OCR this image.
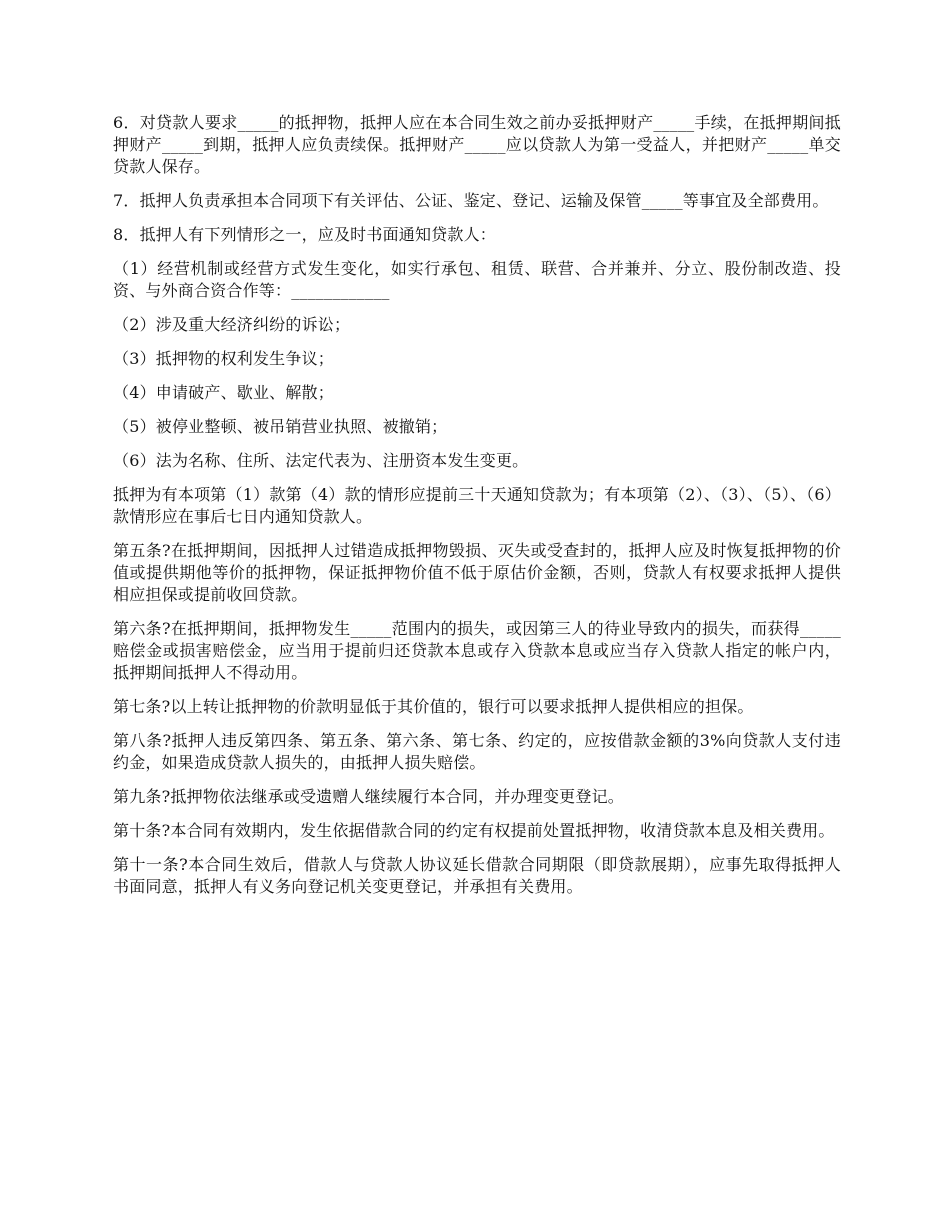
6．对贷款人要求_____的抵押物，抵押人应在本合同生效之前办妥抵押财产_____手续，在抵押期间抵押财产_____到期，抵押人应负责续保。抵押财产_____应以贷款人为第一受益人，并把财产_____单交贷款人保存。

7．抵押人负责承担本合同项下有关评估、公证、鉴定、登记、运输及保管_____等事宜及全部费用。

8．抵押人有下列情形之一，应及时书面通知贷款人：

（1）经营机制或经营方式发生变化，如实行承包、租赁、联营、合并兼并、分立、股份制改造、投资、与外商合资合作等：____________

（2）涉及重大经济纠纷的诉讼；

（3）抵押物的权利发生争议；

（4）申请破产、歇业、解散；

（5）被停业整顿、被吊销营业执照、被撤销；

（6）法为名称、住所、法定代表为、注册资本发生变更。

抵押为有本项第（1）款第（4）款的情形应提前三十天通知贷款为；有本项第（2）、（3）、（5）、（6）款情形应在事后七日内通知贷款人。

第五条?在抵押期间，因抵押人过错造成抵押物毁损、灭失或受查封的，抵押人应及时恢复抵押物的价值或提供期他等价的抵押物，保证抵押物价值不低于原估价金额，否则，贷款人有权要求抵押人提供相应担保或提前收回贷款。

第六条?在抵押期间，抵押物发生_____范围内的损失，或因第三人的待业导致内的损失，而获得_____赔偿金或损害赔偿金，应当用于提前归还贷款本息或存入贷款本息或应当存入贷款人指定的帐户内，抵押期间抵押人不得动用。

第七条?以上转让抵押物的价款明显低于其价值的，银行可以要求抵押人提供相应的担保。

第八条?抵押人违反第四条、第五条、第六条、第七条、约定的，应按借款金额的3%向贷款人支付违约金，如果造成贷款人损失的，由抵押人损失赔偿。

第九条?抵押物依法继承或受遗赠人继续履行本合同，并办理变更登记。

第十条?本合同有效期内，发生依据借款合同的约定有权提前处置抵押物，收清贷款本息及相关费用。

第十一条?本合同生效后，借款人与贷款人协议延长借款合同期限（即贷款展期），应事先取得抵押人书面同意，抵押人有义务向登记机关变更登记，并承担有关费用。
